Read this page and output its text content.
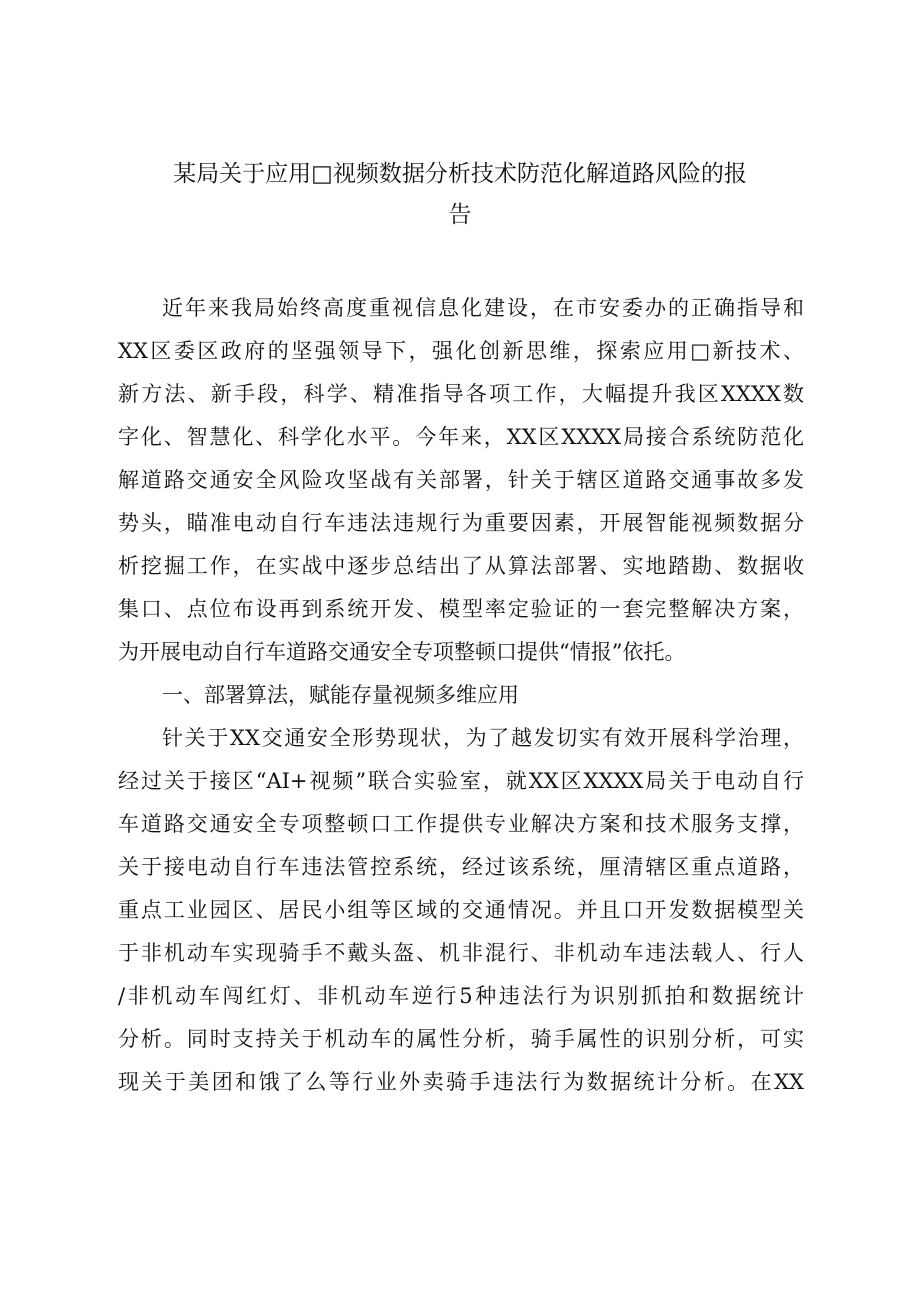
某局关于应用□视频数据分析技术防范化解道路风险的报
告
近年来我局始终高度重视信息化建设，在市安委办的正确指导和
XX区委区政府的坚强领导下，强化创新思维，探索应用□新技术、
新方法、新手段，科学、精准指导各项工作，大幅提升我区XXXX数
字化、智慧化、科学化水平。今年来，XX区XXXX局接合系统防范化
解道路交通安全风险攻坚战有关部署，针关于辖区道路交通事故多发
势头，瞄准电动自行车违法违规行为重要因素，开展智能视频数据分
析挖掘工作，在实战中逐步总结出了从算法部署、实地踏勘、数据收
集口、点位布设再到系统开发、模型率定验证的一套完整解决方案，
为开展电动自行车道路交通安全专项整顿口提供“情报”依托。
一、部署算法，赋能存量视频多维应用
针关于XX交通安全形势现状，为了越发切实有效开展科学治理，
经过关于接区“AI+视频”联合实验室，就XX区XXXX局关于电动自行
车道路交通安全专项整顿口工作提供专业解决方案和技术服务支撑，
关于接电动自行车违法管控系统，经过该系统，厘清辖区重点道路，
重点工业园区、居民小组等区域的交通情况。并且口开发数据模型关
于非机动车实现骑手不戴头盔、机非混行、非机动车违法载人、行人
/非机动车闯红灯、非机动车逆行5种违法行为识别抓拍和数据统计
分析。同时支持关于机动车的属性分析，骑手属性的识别分析，可实
现关于美团和饿了么等行业外卖骑手违法行为数据统计分析。在XX
